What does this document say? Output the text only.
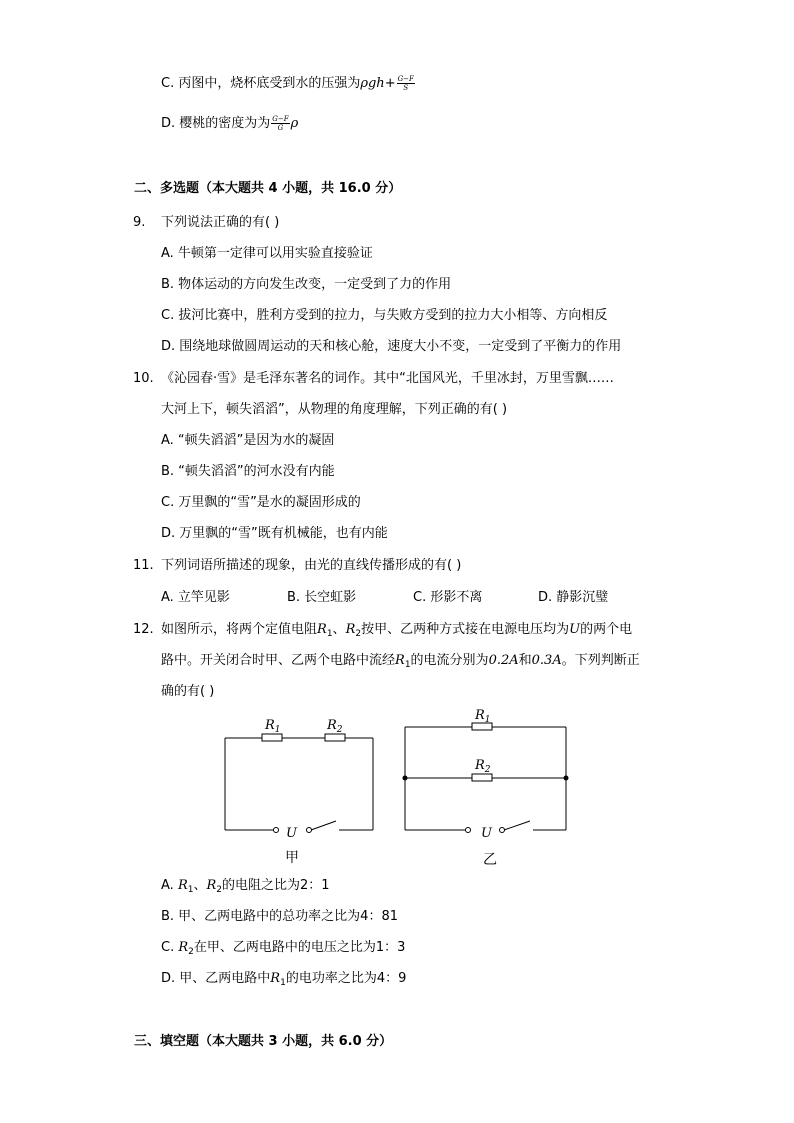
C. 丙图中，烧杯底受到水的压强为$\rho gh+ \frac{G-F}{S}$
D. 樱桃的密度为为 $\frac{G-F}{G}$ ρ
二、多选题（本大题共 4 小题，共 16.0 分）
9. 下列说法正确的有( )
A. 牛顿第一定律可以用实验直接验证
B. 物体运动的方向发生改变，一定受到了力的作用
C. 拔河比赛中，胜利方受到的拉力，与失败方受到的拉力大小相等、方向相反
D. 围绕地球做圆周运动的天和核心舱，速度大小不变，一定受到了平衡力的作用
10. 《沁园春·雪》是毛泽东著名的词作。其中“北国风光，千里冰封，万里雪飘……
大河上下，顿失滔滔”，从物理的角度理解，下列正确的有( )
A. “顿失滔滔”是因为水的凝固
B. “顿失滔滔”的河水没有内能
C. 万里飘的“雪”是水的凝固形成的
D. 万里飘的“雪”既有机械能，也有内能
11. 下列词语所描述的现象，由光的直线传播形成的有( )
A. 立竿见影	B. 长空虹影	C. 形影不离	D. 静影沉璧
12. 如图所示，将两个定值电阻$R_1$、$R_2$按甲、乙两种方式接在电源电压均为U的两个电
路中。开关闭合时甲、乙两个电路中流经$R_1$的电流分别为0.2A和0.3A。下列判断正
确的有( )
$R_1$	$R_2$
U
甲
$R_1$
$R_2$
U
乙
A. $R_1$、$R_2$的电阻之比为2：1
B. 甲、乙两电路中的总功率之比为4：81
C. $R_2$在甲、乙两电路中的电压之比为1：3
D. 甲、乙两电路中$R_1$的电功率之比为4：9
三、填空题（本大题共 3 小题，共 6.0 分）
